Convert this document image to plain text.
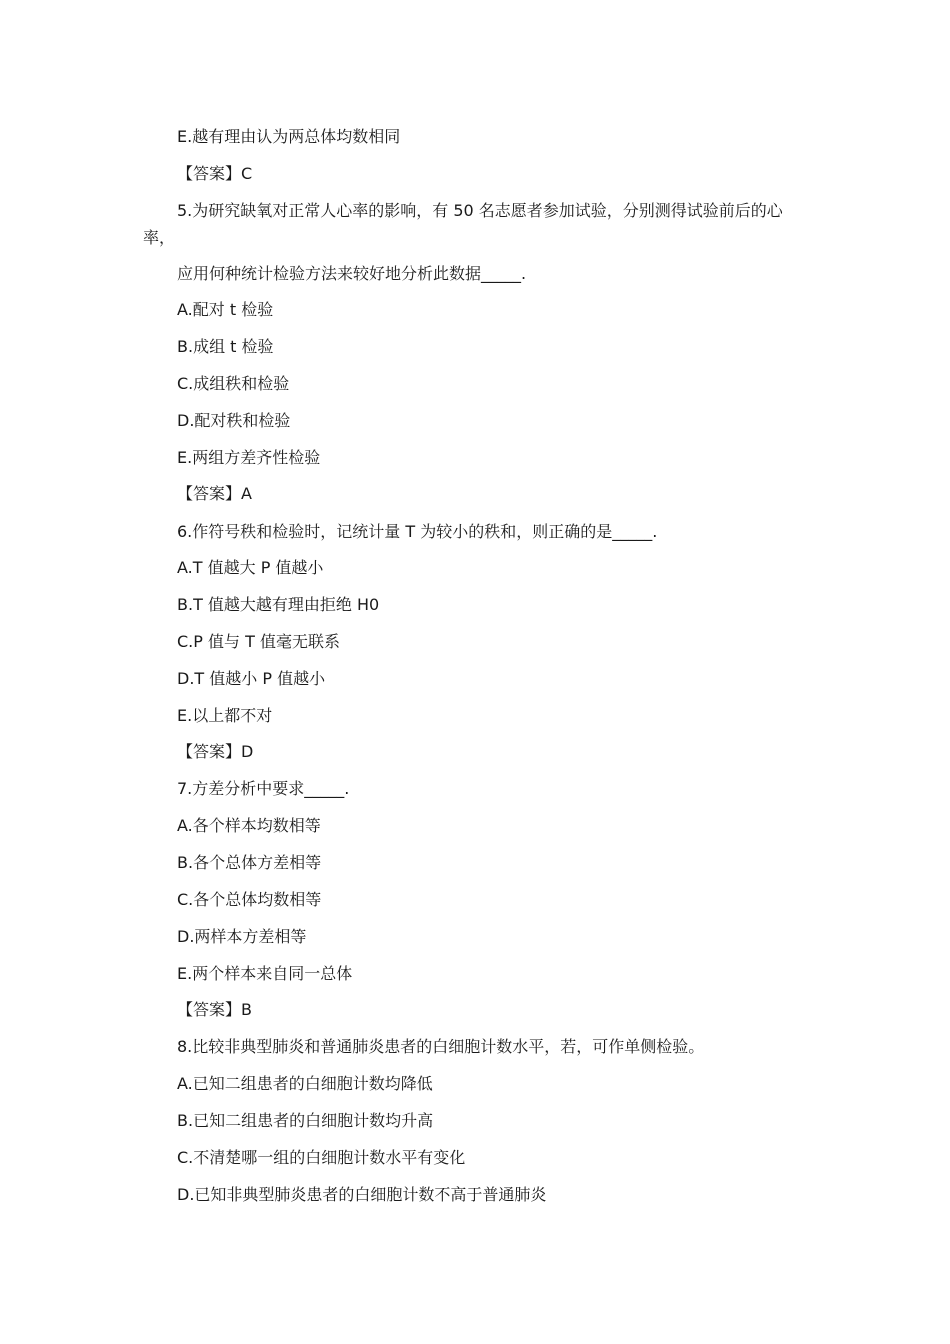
E.越有理由认为两总体均数相同
【答案】C
5.为研究缺氧对正常人心率的影响，有 50 名志愿者参加试验，分别测得试验前后的心
率，
应用何种统计检验方法来较好地分析此数据_____.
A.配对 t 检验
B.成组 t 检验
C.成组秩和检验
D.配对秩和检验
E.两组方差齐性检验
【答案】A
6.作符号秩和检验时，记统计量 T 为较小的秩和，则正确的是_____.
A.T 值越大 P 值越小
B.T 值越大越有理由拒绝 H0
C.P 值与 T 值毫无联系
D.T 值越小 P 值越小
E.以上都不对
【答案】D
7.方差分析中要求_____.
A.各个样本均数相等
B.各个总体方差相等
C.各个总体均数相等
D.两样本方差相等
E.两个样本来自同一总体
【答案】B
8.比较非典型肺炎和普通肺炎患者的白细胞计数水平，若，可作单侧检验。
A.已知二组患者的白细胞计数均降低
B.已知二组患者的白细胞计数均升高
C.不清楚哪一组的白细胞计数水平有变化
D.已知非典型肺炎患者的白细胞计数不高于普通肺炎
